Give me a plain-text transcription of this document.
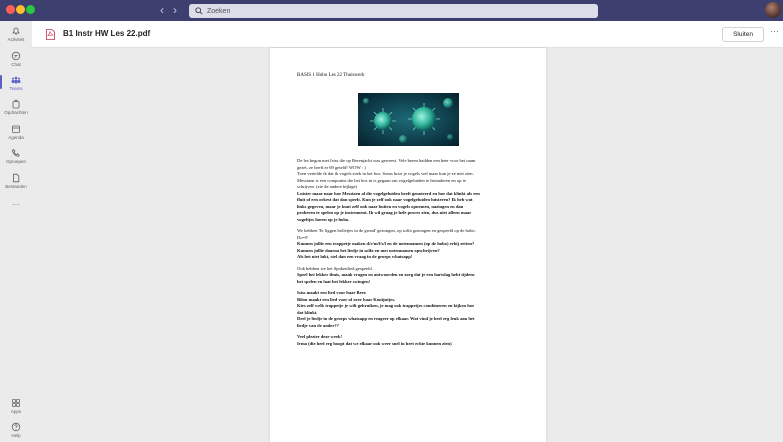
‹ ›	Zoeken
Activiteit
Chat
Teams
Opdrachten
Agenda
Oproepen
Bestanden
···
Apps
Help
B1 Instr HW Les 22.pdf	Sluiten	···
BASIS 1 Hobo Les 22 Thuiswerk

De les begon met Isiss die op Berenjacht was geweest. Vele beren hadden een beer voor het raam

gezet, ze heeft er 69 geteld! WOW : )

Toen vertelde ik dat ik vogels zoek in het bos. Soms hoor je vogels wel maar kun je ze niet zien.

Messiaen is een componist die het bos in is gegaan om vogelgeluiden te bestuderen en op te

schrijven. (zie de andere bijlage)

Luister maar naar hoe Messiaen al die vogelgeluiden heeft genoteerd en hoe dat klinkt als een

fluit of een orkest dat dan speelt. Kun je zelf ook naar vogelgeluiden luisteren? Ik heb wat

links gegeven, maar je kunt zelf ook naar buiten en vogels opnemen, nazingen en dan

proberen te spelen op je instrument. Ik wil graag je hele proces zien, dus niet alleen maar

vogeltjes horen op je hobo.

We hebben 'Er liggen bolletjes in de grond' gezongen, op solfa gezongen en gespeeld op de hobo.

Do=F

Kunnen jullie een trappetje maken d/r/m/f/s/l en de notennamen (op de hobo) erbij zetten?

Kunnen jullie daarna het liedje in solfa en met notennamen opschrijven?

Als het niet lukt, stel dan een vraag in de groeps whatsapp!

Ook hebben we het Spokenlied gespeeld.

Speel het lekker thuis, maak vragen en antwoorden en zorg dat je een hartslag hebt tijdens

het spelen en laat het lekker swingen!

Isiss maakt een lied voor haar Beer.

Bilou maakt een lied voor of over haar Konijntjes.

Kies zelf welk trappetje je wilt gebruiken, je mag ook trappetjes combineren en kijken hoe

dat klinkt.

Deel je liedje in de groeps whatsapp en reageer op elkaar. Wat vind je heel erg leuk aan het

liedje van de ander??

Veel plezier deze week!

Irma (die heel erg hoopt dat we elkaar ook weer snel in heet echie kunnen zien)
